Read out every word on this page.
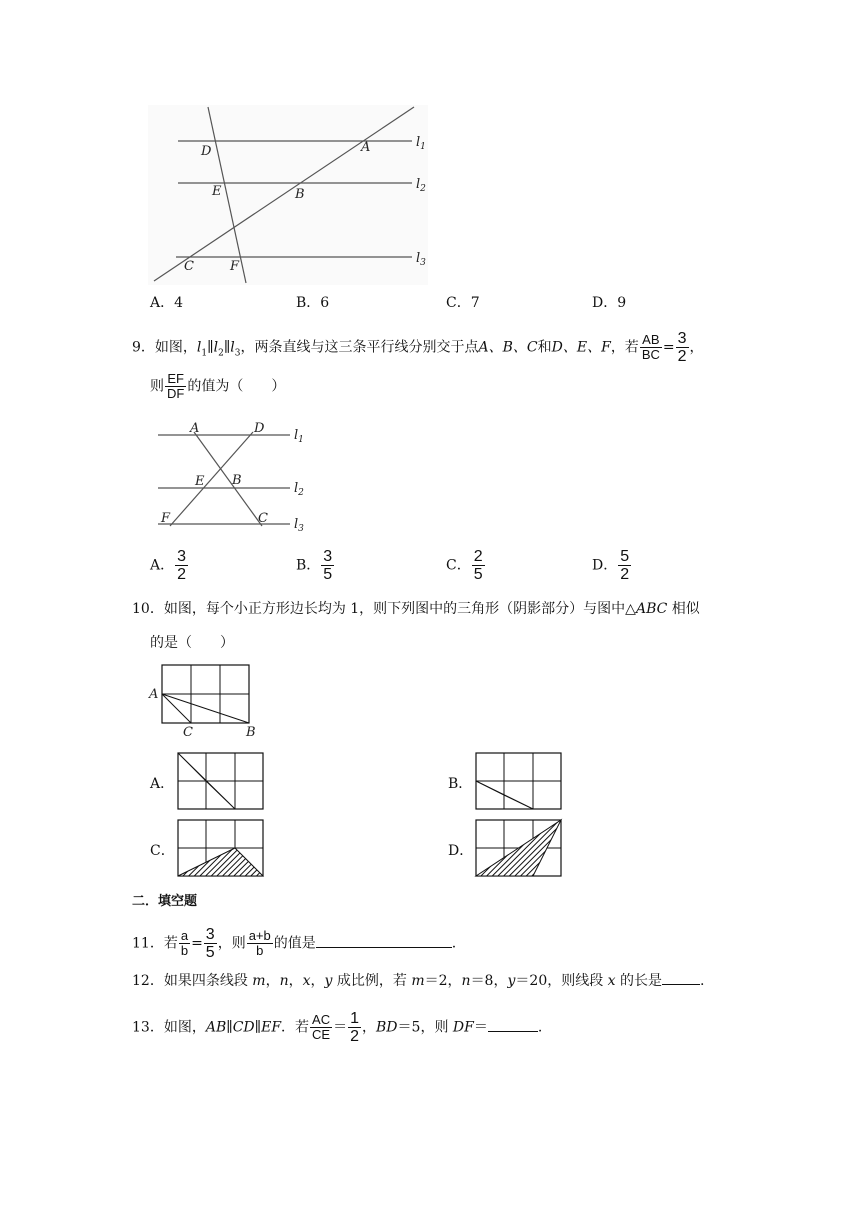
D	A
E	B
C	F
$l_1$
$l_2$
$l_3$
A．4	B．6	C．7	D．9
9．如图，$l_1\parallel l_2\parallel l_3$，两条直线与这三条平行线分别交于点A、B、C和D、E、F，若 $\frac{AB}{BC} = \frac{3}{2}$ ，
则 $\frac{EF}{DF}$ 的值为（　　）
A	D
E B
F	C
$l_1$
$l_2$
$l_3$
A． $\frac{3}{2}$	B． $\frac{3}{5}$	C． $\frac{2}{5}$	D． $\frac{5}{2}$
10．如图，每个小正方形边长均为 1，则下列图中的三角形（阴影部分）与图中△ABC 相似
的是（　　）
A
B
C
A．	B．
C．	D．
二．填空题
11．若 $\frac{a}{b} = \frac{3}{5}$ ，则 $\frac{a+b}{b}$ 的值是	.
12．如果四条线段 m，n，x，y 成比例，若 m＝2，n＝8，y＝20，则线段 x 的长是	.
13．如图，AB∥CD∥EF．若 $\frac{AC}{CE} = \frac{1}{2}$ ，BD＝5，则 DF＝	.
